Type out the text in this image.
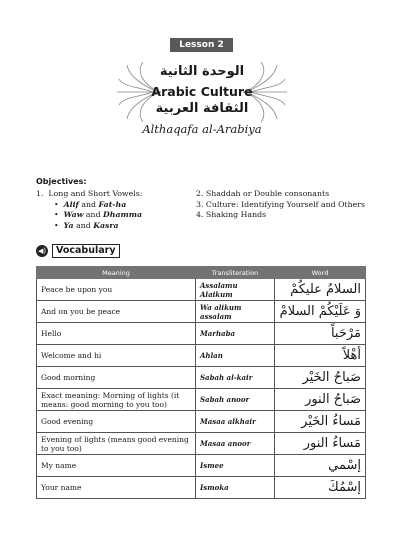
Lesson 2
الوحدة الثانية
Arabic Culture
الثقافة العربية
Althaqafa al-Arabiya
Objectives:
1. Long and Short Vowels:
• Alif and Fat-ha
• Waw and Dhamma
• Ya and Kasra
2. Shaddah or Double consonants
3. Culture: Identifying Yourself and Others
4. Shaking Hands
◀)	Vocabulary
Meaning	Transliteration	Word
Peace be upon you	Assalamu Alaikum	السلامُ عليكُمْ
And on you be peace	Wa alikum assalam	وَ عَلَيْكُمْ السلامْ
Hello	Marhaba	مَرْحَباً
Welcome and hi	Ahlan	أهْلاً
Good morning	Sabah al-kair	صَباحُ الخَيْر
Exact meaning: Morning of lights (it means: good morning to you too)	Sabah anoor	صَباحُ النور
Good evening	Masaa alkhair	مَساءُ الخَيْر
Evening of lights (means good evening to you too)	Masaa anoor	مَساءُ النور
My name	Ismee	إسْمي
Your name	Ismoka	إسْمُكَ
